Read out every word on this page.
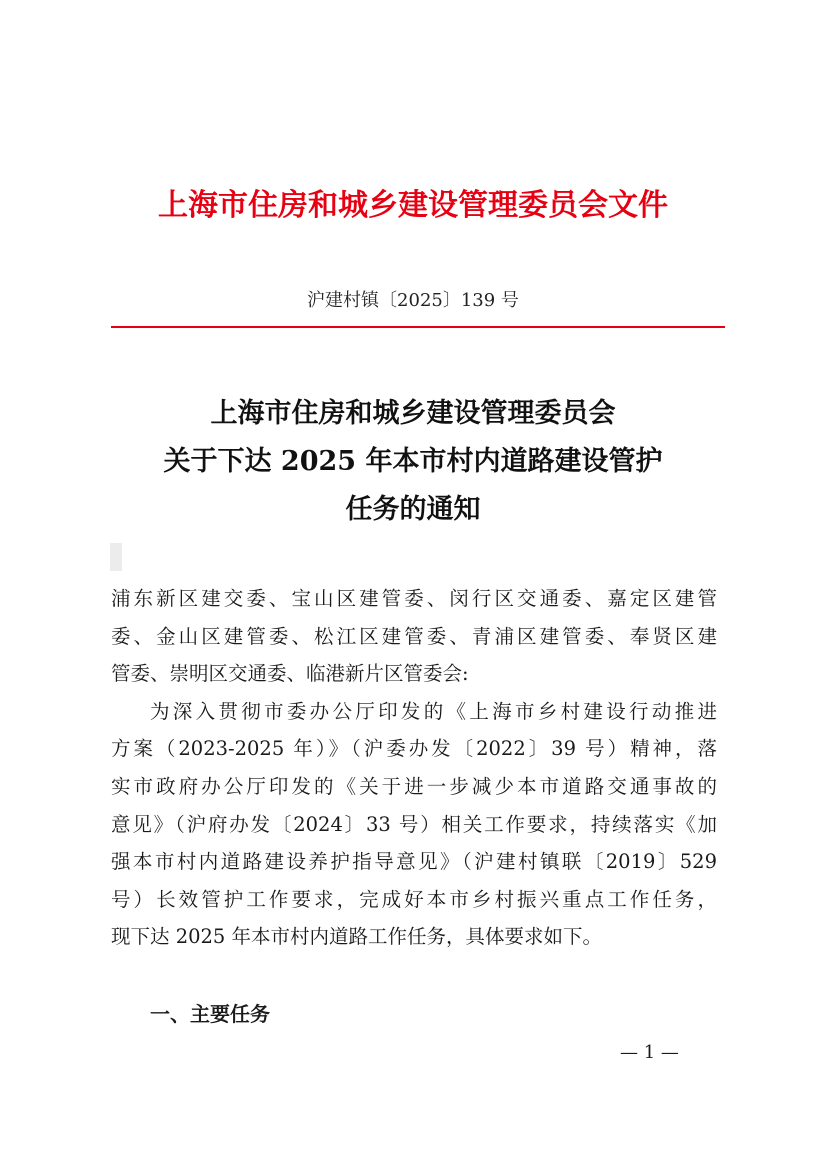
上海市住房和城乡建设管理委员会文件
沪建村镇〔2025〕139 号
上海市住房和城乡建设管理委员会
关于下达 2025 年本市村内道路建设管护
任务的通知
浦东新区建交委、宝山区建管委、闵行区交通委、嘉定区建管
委、金山区建管委、松江区建管委、青浦区建管委、奉贤区建
管委、崇明区交通委、临港新片区管委会:
为深入贯彻市委办公厅印发的《上海市乡村建设行动推进
方案（2023-2025 年）》（沪委办发〔2022〕39 号）精神，落
实市政府办公厅印发的《关于进一步减少本市道路交通事故的
意见》（沪府办发〔2024〕33 号）相关工作要求，持续落实《加
强本市村内道路建设养护指导意见》（沪建村镇联〔2019〕529
号）长效管护工作要求，完成好本市乡村振兴重点工作任务，
现下达 2025 年本市村内道路工作任务，具体要求如下。
一、主要任务
— 1 —
